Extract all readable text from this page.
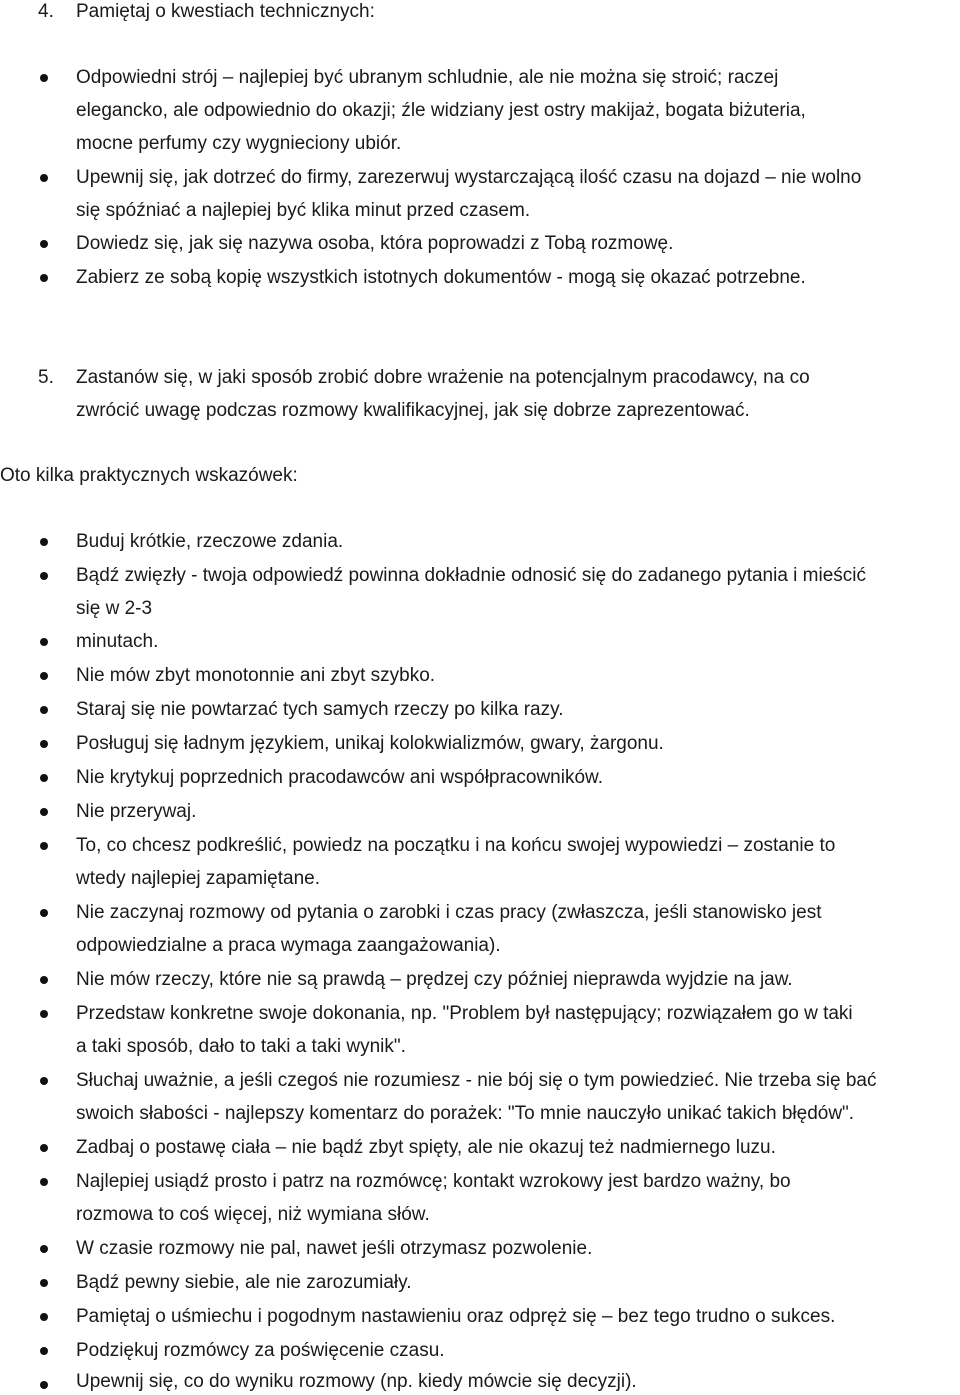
4. Pamiętaj o kwestiach technicznych:
Odpowiedni strój – najlepiej być ubranym schludnie, ale nie można się stroić; raczej
elegancko, ale odpowiednio do okazji; źle widziany jest ostry makijaż, bogata biżuteria,
mocne perfumy czy wygnieciony ubiór.
Upewnij się, jak dotrzeć do firmy, zarezerwuj wystarczającą ilość czasu na dojazd – nie wolno
się spóźniać a najlepiej być klika minut przed czasem.
Dowiedz się, jak się nazywa osoba, która poprowadzi z Tobą rozmowę.
Zabierz ze sobą kopię wszystkich istotnych dokumentów - mogą się okazać potrzebne.
5. Zastanów się, w jaki sposób zrobić dobre wrażenie na potencjalnym pracodawcy, na co
zwrócić uwagę podczas rozmowy kwalifikacyjnej, jak się dobrze zaprezentować.
Oto kilka praktycznych wskazówek:
Buduj krótkie, rzeczowe zdania.
Bądź zwięzły - twoja odpowiedź powinna dokładnie odnosić się do zadanego pytania i mieścić
się w 2-3
minutach.
Nie mów zbyt monotonnie ani zbyt szybko.
Staraj się nie powtarzać tych samych rzeczy po kilka razy.
Posługuj się ładnym językiem, unikaj kolokwializmów, gwary, żargonu.
Nie krytykuj poprzednich pracodawców ani współpracowników.
Nie przerywaj.
To, co chcesz podkreślić, powiedz na początku i na końcu swojej wypowiedzi – zostanie to
wtedy najlepiej zapamiętane.
Nie zaczynaj rozmowy od pytania o zarobki i czas pracy (zwłaszcza, jeśli stanowisko jest
odpowiedzialne a praca wymaga zaangażowania).
Nie mów rzeczy, które nie są prawdą – prędzej czy później nieprawda wyjdzie na jaw.
Przedstaw konkretne swoje dokonania, np. "Problem był następujący; rozwiązałem go w taki
a taki sposób, dało to taki a taki wynik".
Słuchaj uważnie, a jeśli czegoś nie rozumiesz - nie bój się o tym powiedzieć. Nie trzeba się bać
swoich słabości - najlepszy komentarz do porażek: "To mnie nauczyło unikać takich błędów".
Zadbaj o postawę ciała – nie bądź zbyt spięty, ale nie okazuj też nadmiernego luzu.
Najlepiej usiądź prosto i patrz na rozmówcę; kontakt wzrokowy jest bardzo ważny, bo
rozmowa to coś więcej, niż wymiana słów.
W czasie rozmowy nie pal, nawet jeśli otrzymasz pozwolenie.
Bądź pewny siebie, ale nie zarozumiały.
Pamiętaj o uśmiechu i pogodnym nastawieniu oraz odpręż się – bez tego trudno o sukces.
Podziękuj rozmówcy za poświęcenie czasu.
Upewnij się, co do wyniku rozmowy (np. kiedy mówcie się decyzji).
